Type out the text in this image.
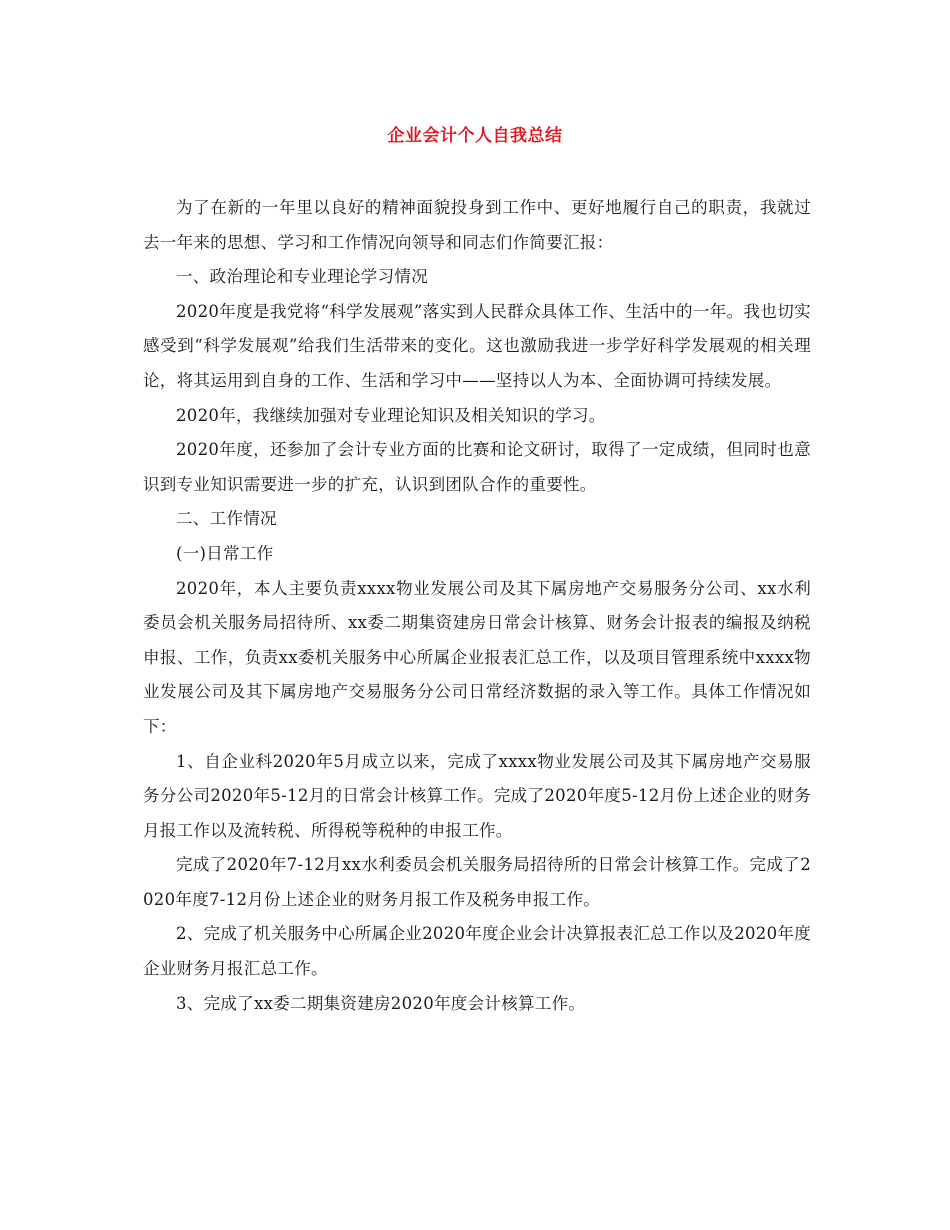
企业会计个人自我总结

为了在新的一年里以良好的精神面貌投身到工作中、更好地履行自己的职责，我就过去一年来的思想、学习和工作情况向领导和同志们作简要汇报：

一、政治理论和专业理论学习情况

2020年度是我党将“科学发展观”落实到人民群众具体工作、生活中的一年。我也切实感受到“科学发展观”给我们生活带来的变化。这也激励我进一步学好科学发展观的相关理论，将其运用到自身的工作、生活和学习中——坚持以人为本、全面协调可持续发展。

2020年，我继续加强对专业理论知识及相关知识的学习。

2020年度，还参加了会计专业方面的比赛和论文研讨，取得了一定成绩，但同时也意识到专业知识需要进一步的扩充，认识到团队合作的重要性。

二、工作情况

(一)日常工作

2020年，本人主要负责xxxx物业发展公司及其下属房地产交易服务分公司、xx水利委员会机关服务局招待所、xx委二期集资建房日常会计核算、财务会计报表的编报及纳税申报、工作，负责xx委机关服务中心所属企业报表汇总工作，以及项目管理系统中xxxx物业发展公司及其下属房地产交易服务分公司日常经济数据的录入等工作。具体工作情况如下：

1、自企业科2020年5月成立以来，完成了xxxx物业发展公司及其下属房地产交易服务分公司2020年5-12月的日常会计核算工作。完成了2020年度5-12月份上述企业的财务月报工作以及流转税、所得税等税种的申报工作。

完成了2020年7-12月xx水利委员会机关服务局招待所的日常会计核算工作。完成了2020年度7-12月份上述企业的财务月报工作及税务申报工作。

2、完成了机关服务中心所属企业2020年度企业会计决算报表汇总工作以及2020年度企业财务月报汇总工作。

3、完成了xx委二期集资建房2020年度会计核算工作。
